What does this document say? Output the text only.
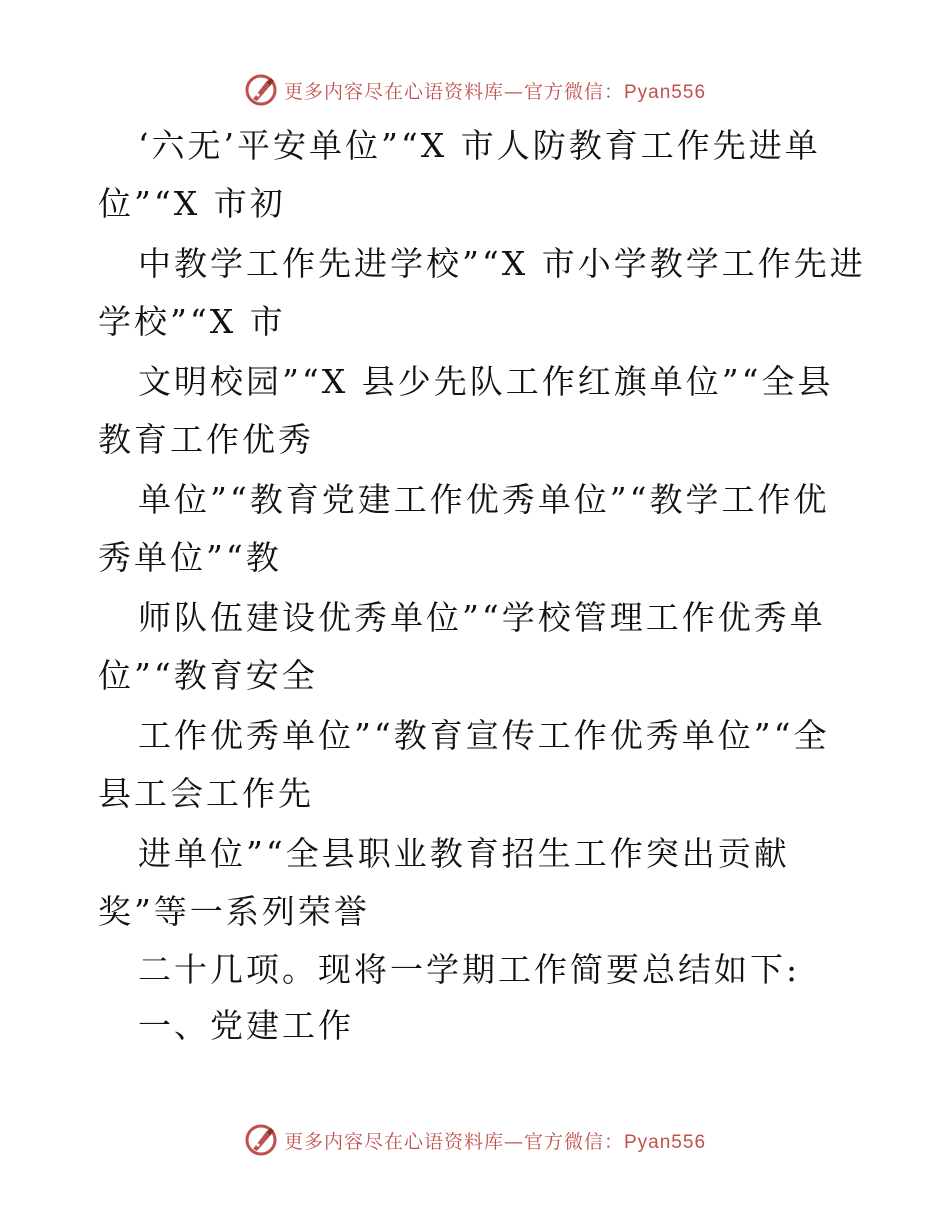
更多内容尽在心语资料库—官方微信：Pyan556
‘六无’平安单位”“X 市人防教育工作先进单
位”“X 市初
中教学工作先进学校”“X 市小学教学工作先进
学校”“X 市
文明校园”“X 县少先队工作红旗单位”“全县
教育工作优秀
单位”“教育党建工作优秀单位”“教学工作优
秀单位”“教
师队伍建设优秀单位”“学校管理工作优秀单
位”“教育安全
工作优秀单位”“教育宣传工作优秀单位”“全
县工会工作先
进单位”“全县职业教育招生工作突出贡献
奖”等一系列荣誉
二十几项。现将一学期工作简要总结如下:
一、党建工作
更多内容尽在心语资料库—官方微信：Pyan556
